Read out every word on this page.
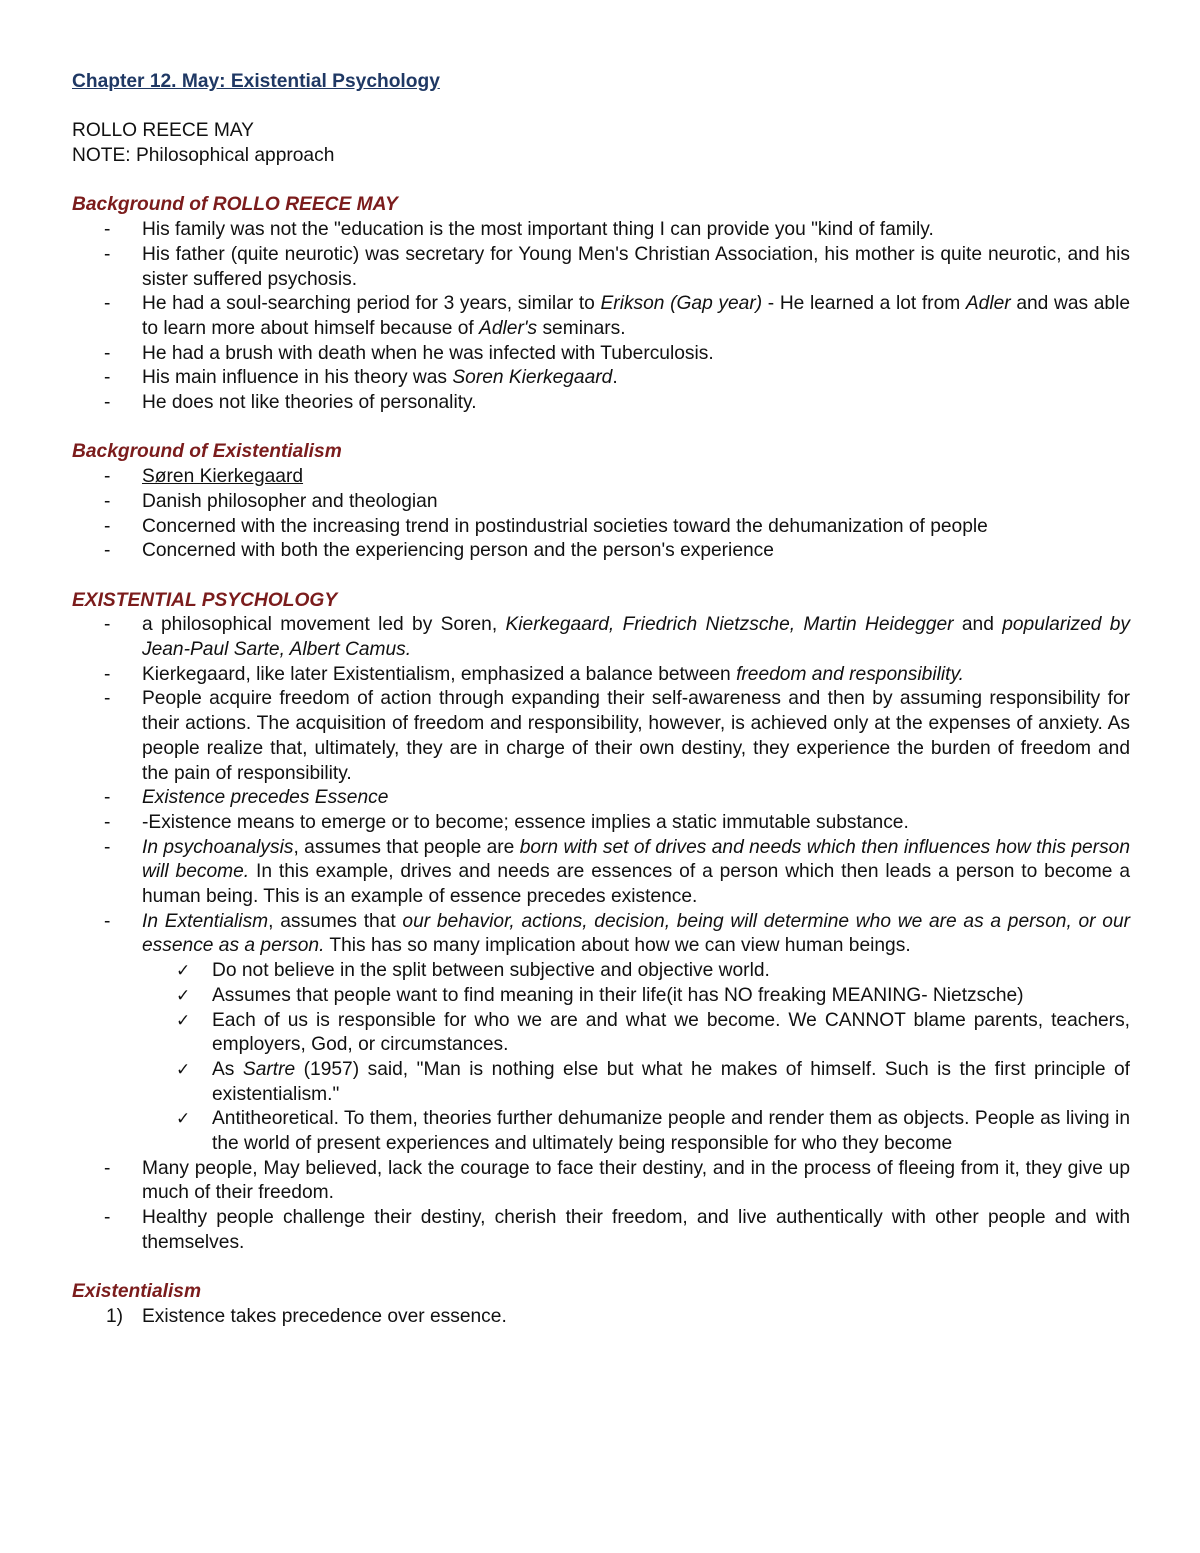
Chapter 12. May: Existential Psychology
ROLLO REECE MAY
NOTE: Philosophical approach
Background of ROLLO REECE MAY
- His family was not the "education is the most important thing I can provide you "kind of family.
- His father (quite neurotic) was secretary for Young Men's Christian Association, his mother is quite neurotic, and his sister suffered psychosis.
- He had a soul-searching period for 3 years, similar to Erikson (Gap year) - He learned a lot from Adler and was able to learn more about himself because of Adler's seminars.
- He had a brush with death when he was infected with Tuberculosis.
- His main influence in his theory was Soren Kierkegaard.
- He does not like theories of personality.
Background of Existentialism
- Søren Kierkegaard
- Danish philosopher and theologian
- Concerned with the increasing trend in postindustrial societies toward the dehumanization of people
- Concerned with both the experiencing person and the person's experience
EXISTENTIAL PSYCHOLOGY
- a philosophical movement led by Soren, Kierkegaard, Friedrich Nietzsche, Martin Heidegger and popularized by Jean-Paul Sarte, Albert Camus.
- Kierkegaard, like later Existentialism, emphasized a balance between freedom and responsibility.
- People acquire freedom of action through expanding their self-awareness and then by assuming responsibility for their actions. The acquisition of freedom and responsibility, however, is achieved only at the expenses of anxiety. As people realize that, ultimately, they are in charge of their own destiny, they experience the burden of freedom and the pain of responsibility.
- Existence precedes Essence
- -Existence means to emerge or to become; essence implies a static immutable substance.
- In psychoanalysis, assumes that people are born with set of drives and needs which then influences how this person will become. In this example, drives and needs are essences of a person which then leads a person to become a human being. This is an example of essence precedes existence.
- In Extentialism, assumes that our behavior, actions, decision, being will determine who we are as a person, or our essence as a person. This has so many implication about how we can view human beings.
✓ Do not believe in the split between subjective and objective world.
✓ Assumes that people want to find meaning in their life(it has NO freaking MEANING- Nietzsche)
✓ Each of us is responsible for who we are and what we become. We CANNOT blame parents, teachers, employers, God, or circumstances.
✓ As Sartre (1957) said, "Man is nothing else but what he makes of himself. Such is the first principle of existentialism."
✓ Antitheoretical. To them, theories further dehumanize people and render them as objects. People as living in the world of present experiences and ultimately being responsible for who they become
- Many people, May believed, lack the courage to face their destiny, and in the process of fleeing from it, they give up much of their freedom.
- Healthy people challenge their destiny, cherish their freedom, and live authentically with other people and with themselves.
Existentialism
1) Existence takes precedence over essence.
